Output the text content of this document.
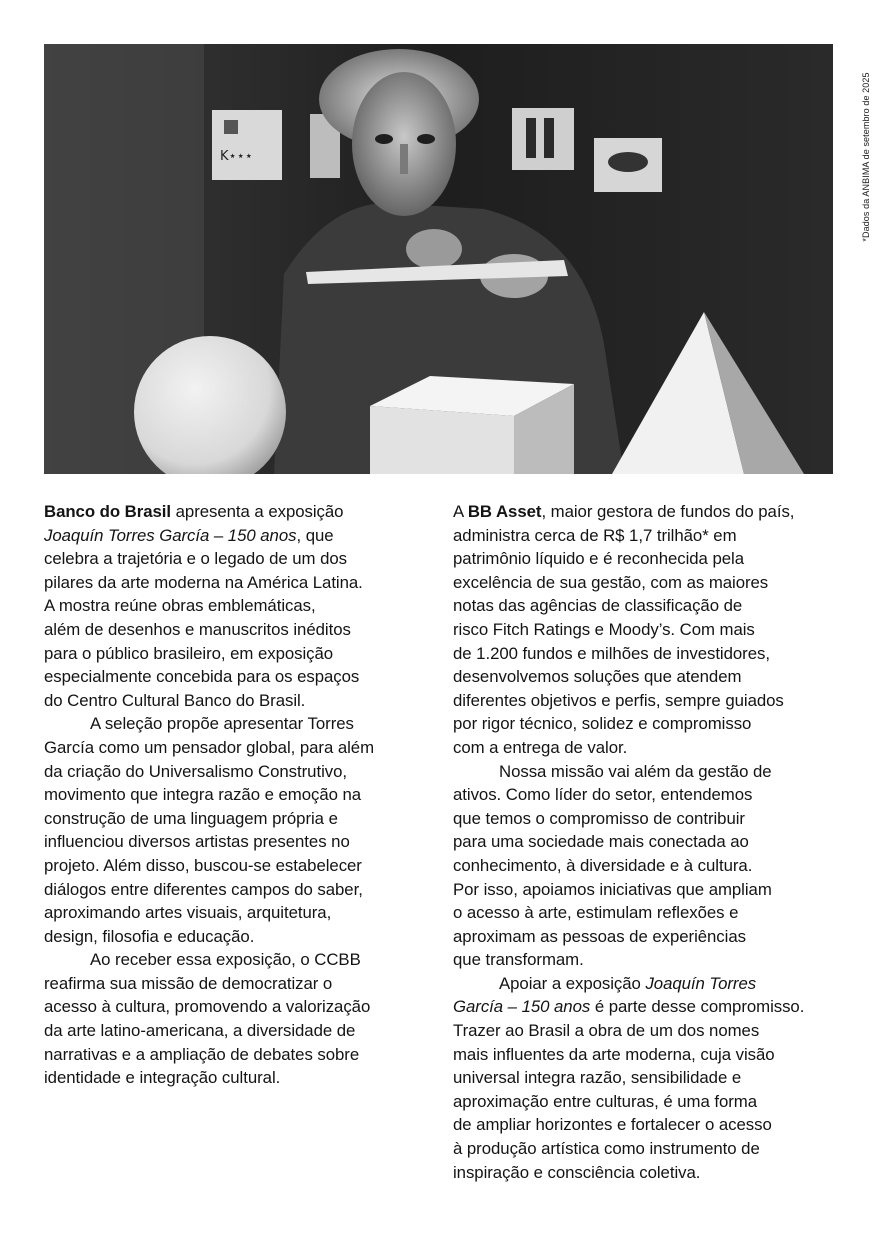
K⋆⋆⋆	*Dados da ANBIMA de setembro de 2025

Banco do Brasil apresenta a exposição
Joaquín Torres García – 150 anos, que
celebra a trajetória e o legado de um dos
pilares da arte moderna na América Latina.
A mostra reúne obras emblemáticas,
além de desenhos e manuscritos inéditos
para o público brasileiro, em exposição
especialmente concebida para os espaços
do Centro Cultural Banco do Brasil.

A seleção propõe apresentar Torres
García como um pensador global, para além
da criação do Universalismo Construtivo,
movimento que integra razão e emoção na
construção de uma linguagem própria e
influenciou diversos artistas presentes no
projeto. Além disso, buscou-se estabelecer
diálogos entre diferentes campos do saber,
aproximando artes visuais, arquitetura,
design, filosofia e educação.

Ao receber essa exposição, o CCBB
reafirma sua missão de democratizar o
acesso à cultura, promovendo a valorização
da arte latino-americana, a diversidade de
narrativas e a ampliação de debates sobre
identidade e integração cultural.

A BB Asset, maior gestora de fundos do país,
administra cerca de R$ 1,7 trilhão* em
patrimônio líquido e é reconhecida pela
excelência de sua gestão, com as maiores
notas das agências de classificação de
risco Fitch Ratings e Moody’s. Com mais
de 1.200 fundos e milhões de investidores,
desenvolvemos soluções que atendem
diferentes objetivos e perfis, sempre guiados
por rigor técnico, solidez e compromisso
com a entrega de valor.

Nossa missão vai além da gestão de
ativos. Como líder do setor, entendemos
que temos o compromisso de contribuir
para uma sociedade mais conectada ao
conhecimento, à diversidade e à cultura.
Por isso, apoiamos iniciativas que ampliam
o acesso à arte, estimulam reflexões e
aproximam as pessoas de experiências
que transformam.

Apoiar a exposição Joaquín Torres
García – 150 anos é parte desse compromisso.
Trazer ao Brasil a obra de um dos nomes
mais influentes da arte moderna, cuja visão
universal integra razão, sensibilidade e
aproximação entre culturas, é uma forma
de ampliar horizontes e fortalecer o acesso
à produção artística como instrumento de
inspiração e consciência coletiva.
